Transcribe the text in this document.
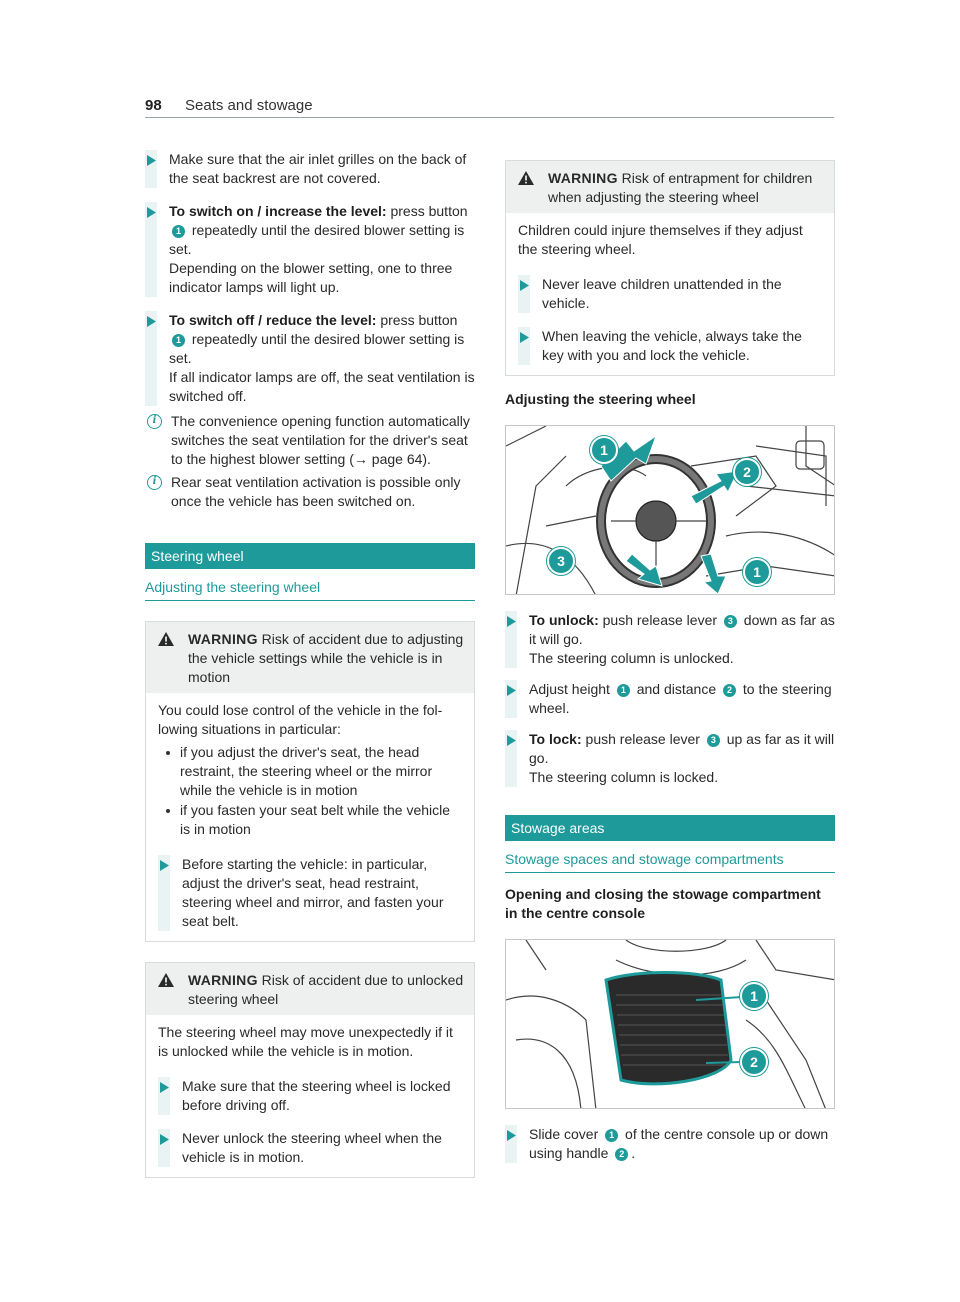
98 Seats and stowage

Make sure that the air inlet grilles on the back of the seat backrest are not covered.

To switch on / increase the level: press button 1 repeatedly until the desired blower setting is set.

Depending on the blower setting, one to three indicator lamps will light up.

To switch off / reduce the level: press button 1 repeatedly until the desired blower setting is set.

If all indicator lamps are off, the seat ventilation is switched off.

i	The convenience opening function automatically switches the seat ventilation for the driver's seat to the highest blower setting (→ page 64).

i	Rear seat ventilation activation is possible only once the vehicle has been switched on.

Steering wheel
Adjusting the steering wheel
WARNING Risk of accident due to adjusting the vehicle settings while the vehicle is in motion

You could lose control of the vehicle in the following situations in particular:

if you adjust the driver's seat, the head restraint, the steering wheel or the mirror while the vehicle is in motion
if you fasten your seat belt while the vehicle is in motion

Before starting the vehicle: in particular, adjust the driver's seat, head restraint, steering wheel and mirror, and fasten your seat belt.

WARNING Risk of accident due to unlocked steering wheel

The steering wheel may move unexpectedly if it is unlocked while the vehicle is in motion.

Make sure that the steering wheel is locked before driving off.

Never unlock the steering wheel when the vehicle is in motion.

WARNING Risk of entrapment for children when adjusting the steering wheel

Children could injure themselves if they adjust the steering wheel.

Never leave children unattended in the vehicle.

When leaving the vehicle, always take the key with you and lock the vehicle.

Adjusting the steering wheel
1
2
3
1

To unlock: push release lever 3 down as far as it will go.

The steering column is unlocked.

Adjust height 1 and distance 2 to the steering wheel.

To lock: push release lever 3 up as far as it will go.

The steering column is locked.

Stowage areas
Stowage spaces and stowage compartments
Opening and closing the stowage compartment in the centre console
1
2

Slide cover 1 of the centre console up or down using handle 2 .
